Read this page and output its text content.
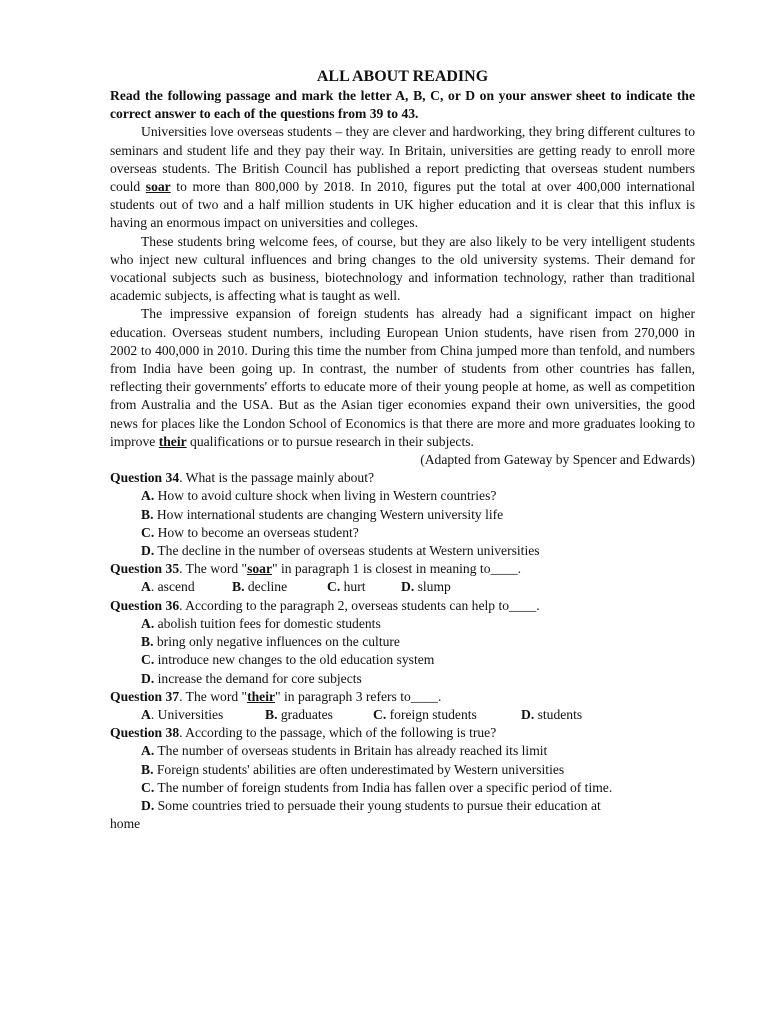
ALL ABOUT READING

Read the following passage and mark the letter A, B, C, or D on your answer sheet to indicate the correct answer to each of the questions from 39 to 43.

Universities love overseas students – they are clever and hardworking, they bring different cultures to seminars and student life and they pay their way. In Britain, universities are getting ready to enroll more overseas students. The British Council has published a report predicting that overseas student numbers could soar to more than 800,000 by 2018. In 2010, figures put the total at over 400,000 international students out of two and a half million students in UK higher education and it is clear that this influx is having an enormous impact on universities and colleges.

These students bring welcome fees, of course, but they are also likely to be very intelligent students who inject new cultural influences and bring changes to the old university systems. Their demand for vocational subjects such as business, biotechnology and information technology, rather than traditional academic subjects, is affecting what is taught as well.

The impressive expansion of foreign students has already had a significant impact on higher education. Overseas student numbers, including European Union students, have risen from 270,000 in 2002 to 400,000 in 2010. During this time the number from China jumped more than tenfold, and numbers from India have been going up. In contrast, the number of students from other countries has fallen, reflecting their governments' efforts to educate more of their young people at home, as well as competition from Australia and the USA. But as the Asian tiger economies expand their own universities, the good news for places like the London School of Economics is that there are more and more graduates looking to improve their qualifications or to pursue research in their subjects.

(Adapted from Gateway by Spencer and Edwards)

Question 34. What is the passage mainly about?

A. How to avoid culture shock when living in Western countries?

B. How international students are changing Western university life

C. How to become an overseas student?

D. The decline in the number of overseas students at Western universities

Question 35. The word "soar" in paragraph 1 is closest in meaning to____.

A. ascend	B. decline	C. hurt	D. slump

Question 36. According to the paragraph 2, overseas students can help to____.

A. abolish tuition fees for domestic students

B. bring only negative influences on the culture

C. introduce new changes to the old education system

D. increase the demand for core subjects

Question 37. The word "their" in paragraph 3 refers to____.

A. Universities	B. graduates	C. foreign students	D. students

Question 38. According to the passage, which of the following is true?

A. The number of overseas students in Britain has already reached its limit

B. Foreign students' abilities are often underestimated by Western universities

C. The number of foreign students from India has fallen over a specific period of time.

D. Some countries tried to persuade their young students to pursue their education at

home
